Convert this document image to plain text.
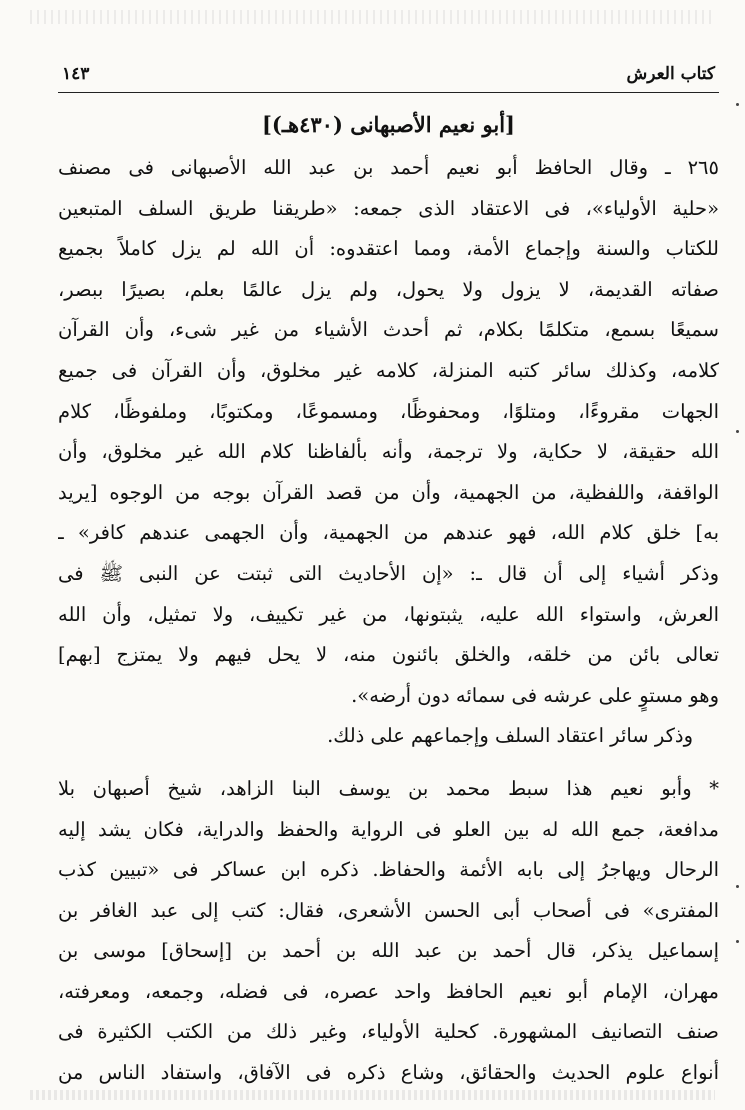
كتاب العرش
١٤٣
[أبو نعيم الأصبهانى (٤٣٠هـ)]
٢٦٥ ـ وقال الحافظ أبو نعيم أحمد بن عبد الله الأصبهانى فى مصنف
«حلية الأولياء»، فى الاعتقاد الذى جمعه: «طريقنا طريق السلف المتبعين
للكتاب والسنة وإجماع الأمة، ومما اعتقدوه: أن الله لم يزل كاملاً بجميع
صفاته القديمة، لا يزول ولا يحول، ولم يزل عالمًا بعلم، بصيرًا ببصر،
سميعًا بسمع، متكلمًا بكلام، ثم أحدث الأشياء من غير شىء، وأن القرآن
كلامه، وكذلك سائر كتبه المنزلة، كلامه غير مخلوق، وأن القرآن فى جميع
الجهات مقروءًا، ومتلوًا، ومحفوظًا، ومسموعًا، ومكتوبًا، وملفوظًا، كلام
الله حقيقة، لا حكاية، ولا ترجمة، وأنه بألفاظنا كلام الله غير مخلوق، وأن
الواقفة، واللفظية، من الجهمية، وأن من قصد القرآن بوجه من الوجوه [يريد
به] خلق كلام الله، فهو عندهم من الجهمية، وأن الجهمى عندهم كافر» ـ
وذكر أشياء إلى أن قال ـ: «إن الأحاديث التى ثبتت عن النبى ﷺ فى
العرش، واستواء الله عليه، يثبتونها، من غير تكييف، ولا تمثيل، وأن الله
تعالى بائن من خلقه، والخلق بائنون منه، لا يحل فيهم ولا يمتزج [بهم]
وهو مستوٍ على عرشه فى سمائه دون أرضه».
وذكر سائر اعتقاد السلف وإجماعهم على ذلك.
* وأبو نعيم هذا سبط محمد بن يوسف البنا الزاهد، شيخ أصبهان بلا
مدافعة، جمع الله له بين العلو فى الرواية والحفظ والدراية، فكان يشد إليه
الرحال ويهاجرُ إلى بابه الأئمة والحفاظ. ذكره ابن عساكر فى «تبيين كذب
المفترى» فى أصحاب أبى الحسن الأشعرى، فقال: كتب إلى عبد الغافر بن
إسماعيل يذكر، قال أحمد بن عبد الله بن أحمد بن [إسحاق] موسى بن
مهران، الإمام أبو نعيم الحافظ واحد عصره، فى فضله، وجمعه، ومعرفته،
صنف التصانيف المشهورة. كحلية الأولياء، وغير ذلك من الكتب الكثيرة فى
أنواع علوم الحديث والحقائق، وشاع ذكره فى الآفاق، واستفاد الناس من
